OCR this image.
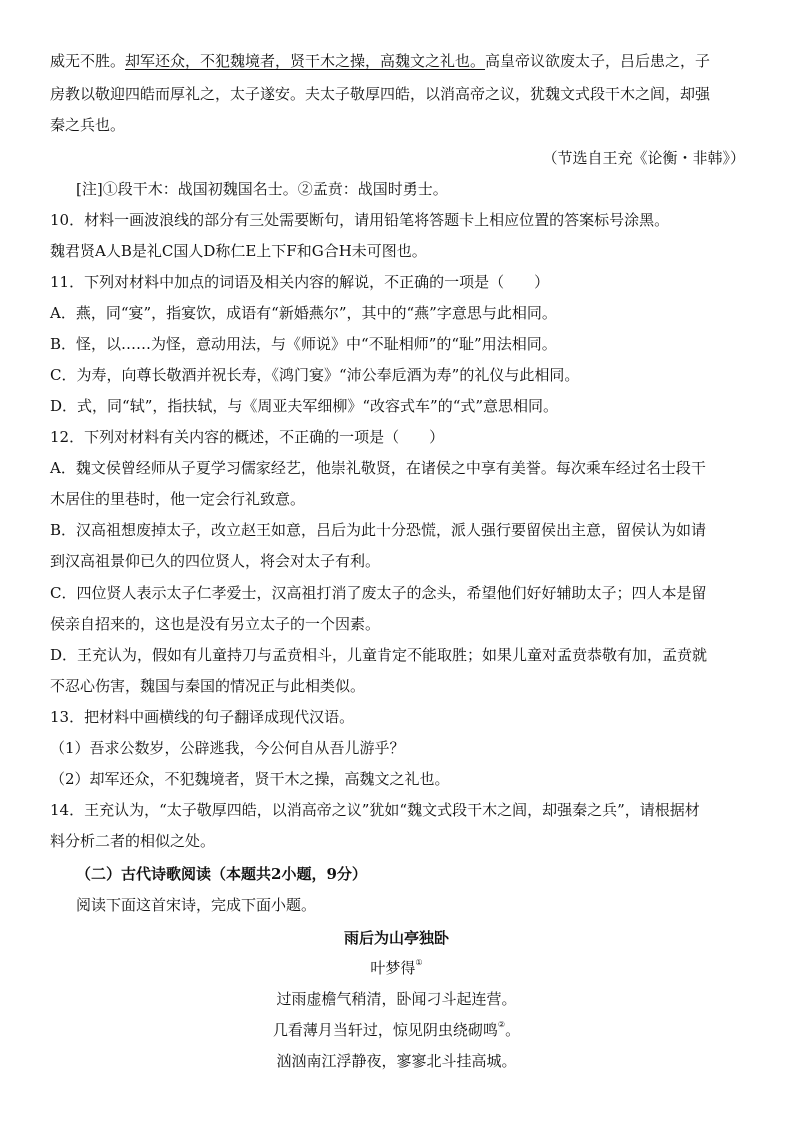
威无不胜。却军还众，不犯魏境者，贤干木之操，高魏文之礼也。高皇帝议欲废太子，吕后患之，子
房教以敬迎四皓而厚礼之，太子遂安。夫太子敬厚四皓，以消高帝之议，犹魏文式段干木之闾，却强
秦之兵也。
（节选自王充《论衡・非韩》）
[注]①段干木：战国初魏国名士。②孟贲：战国时勇士。
10．材料一画波浪线的部分有三处需要断句，请用铅笔将答题卡上相应位置的答案标号涂黑。
魏君贤A人B是礼C国人D称仁E上下F和G合H未可图也。
11．下列对材料中加点的词语及相关内容的解说，不正确的一项是（　　）
A．燕，同“宴”，指宴饮，成语有“新婚燕尔”，其中的“燕”字意思与此相同。
B．怪，以……为怪，意动用法，与《师说》中“不耻相师”的“耻”用法相同。
C．为寿，向尊长敬酒并祝长寿，《鸿门宴》“沛公奉卮酒为寿”的礼仪与此相同。
D．式，同“轼”，指扶轼，与《周亚夫军细柳》“改容式车”的“式”意思相同。
12．下列对材料有关内容的概述，不正确的一项是（　　）
A．魏文侯曾经师从子夏学习儒家经艺，他崇礼敬贤，在诸侯之中享有美誉。每次乘车经过名士段干
木居住的里巷时，他一定会行礼致意。
B．汉高祖想废掉太子，改立赵王如意，吕后为此十分恐慌，派人强行要留侯出主意，留侯认为如请
到汉高祖景仰已久的四位贤人，将会对太子有利。
C．四位贤人表示太子仁孝爱士，汉高祖打消了废太子的念头，希望他们好好辅助太子；四人本是留
侯亲自招来的，这也是没有另立太子的一个因素。
D．王充认为，假如有儿童持刀与孟贲相斗，儿童肯定不能取胜；如果儿童对孟贲恭敬有加，孟贲就
不忍心伤害，魏国与秦国的情况正与此相类似。
13．把材料中画横线的句子翻译成现代汉语。
（1）吾求公数岁，公辟逃我，今公何自从吾儿游乎？
（2）却军还众，不犯魏境者，贤干木之操，高魏文之礼也。
14．王充认为，“太子敬厚四皓，以消高帝之议”犹如“魏文式段干木之闾，却强秦之兵”，请根据材
料分析二者的相似之处。
（二）古代诗歌阅读（本题共2小题，9分）
阅读下面这首宋诗，完成下面小题。
雨后为山亭独卧
叶梦得①
过雨虚檐气稍清，卧闻刁斗起连营。
几看薄月当轩过，惊见阴虫绕砌鸣②。
汹汹南江浮静夜，寥寥北斗挂高城。
